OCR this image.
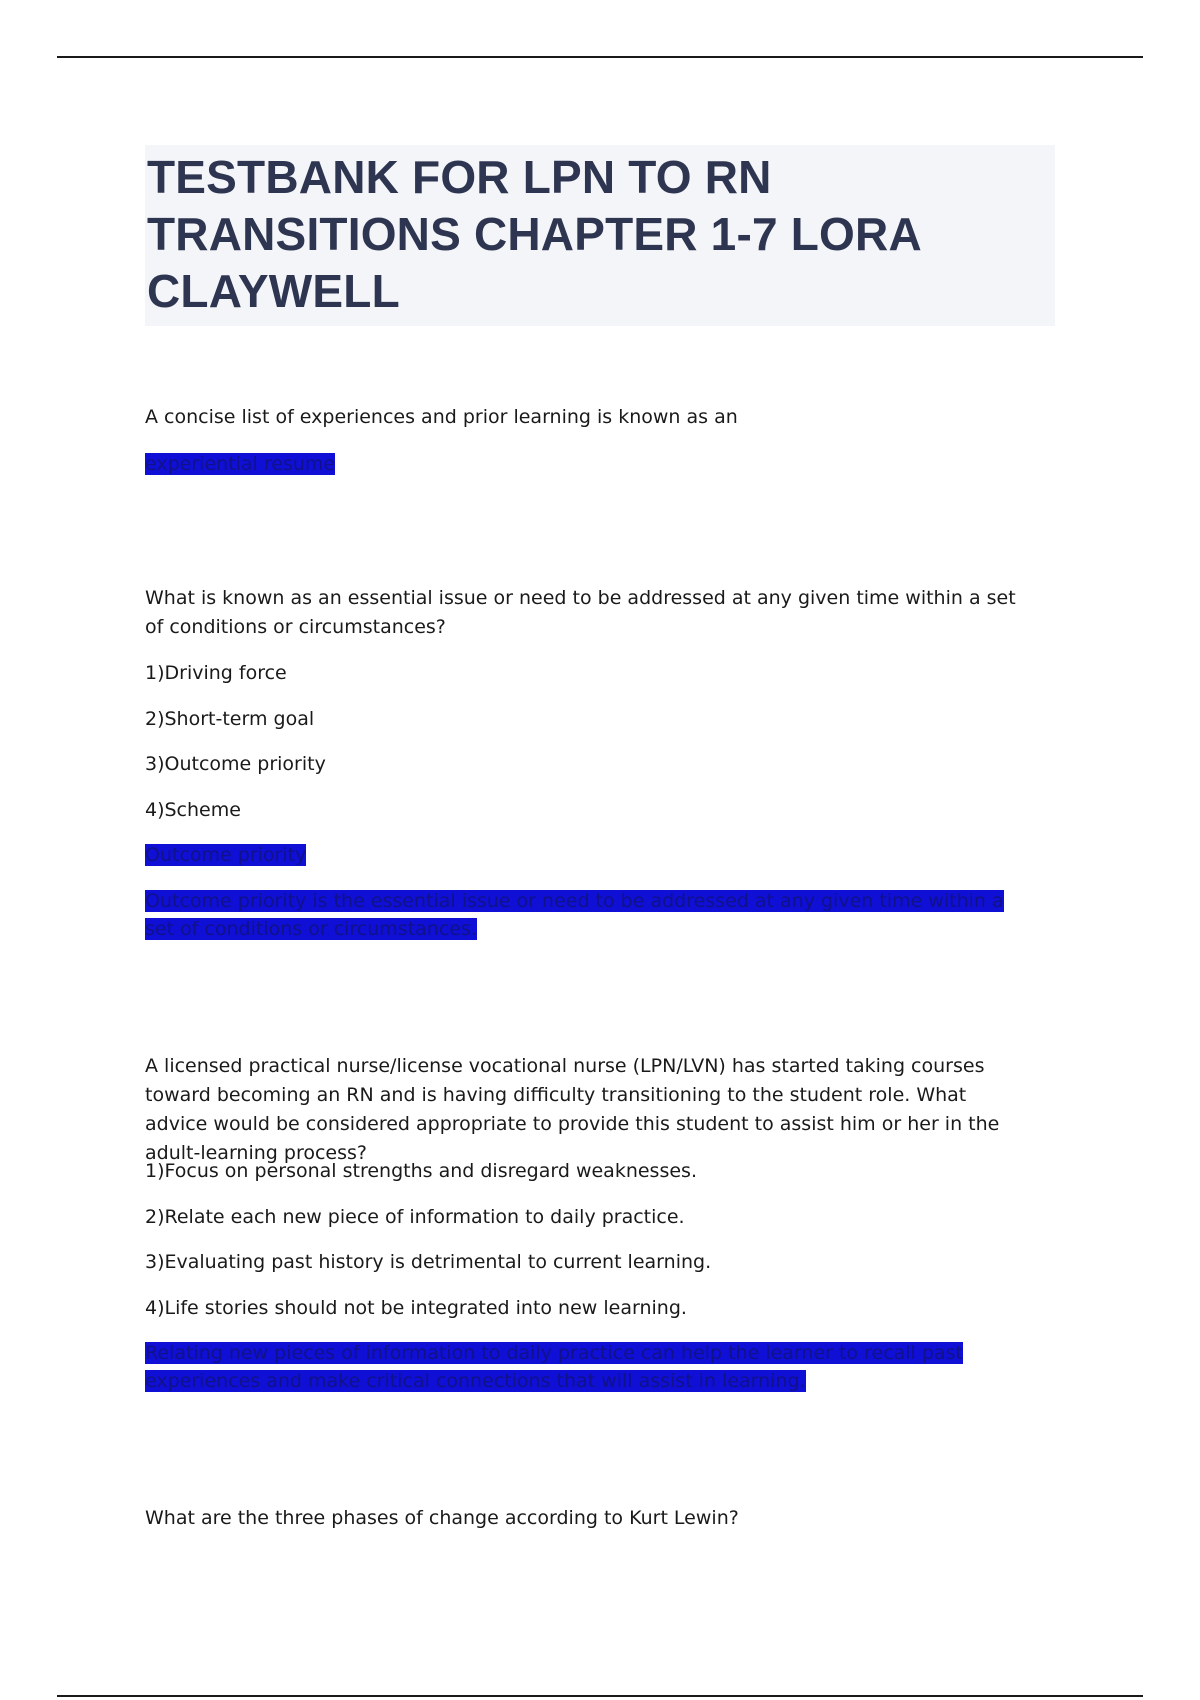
TESTBANK FOR LPN TO RN TRANSITIONS CHAPTER 1-7 LORA CLAYWELL

A concise list of experiences and prior learning is known as an

experiential resume

What is known as an essential issue or need to be addressed at any given time within a set of conditions or circumstances?

1)Driving force

2)Short-term goal

3)Outcome priority

4)Scheme

Outcome priority

Outcome priority is the essential issue or need to be addressed at any given time within a set of conditions or circumstances.

A licensed practical nurse/license vocational nurse (LPN/LVN) has started taking courses toward becoming an RN and is having difficulty transitioning to the student role. What advice would be considered appropriate to provide this student to assist him or her in the adult-learning process?

1)Focus on personal strengths and disregard weaknesses.

2)Relate each new piece of information to daily practice.

3)Evaluating past history is detrimental to current learning.

4)Life stories should not be integrated into new learning.

Relating new pieces of information to daily practice can help the learner to recall past experiences and make critical connections that will assist in learning.

What are the three phases of change according to Kurt Lewin?
